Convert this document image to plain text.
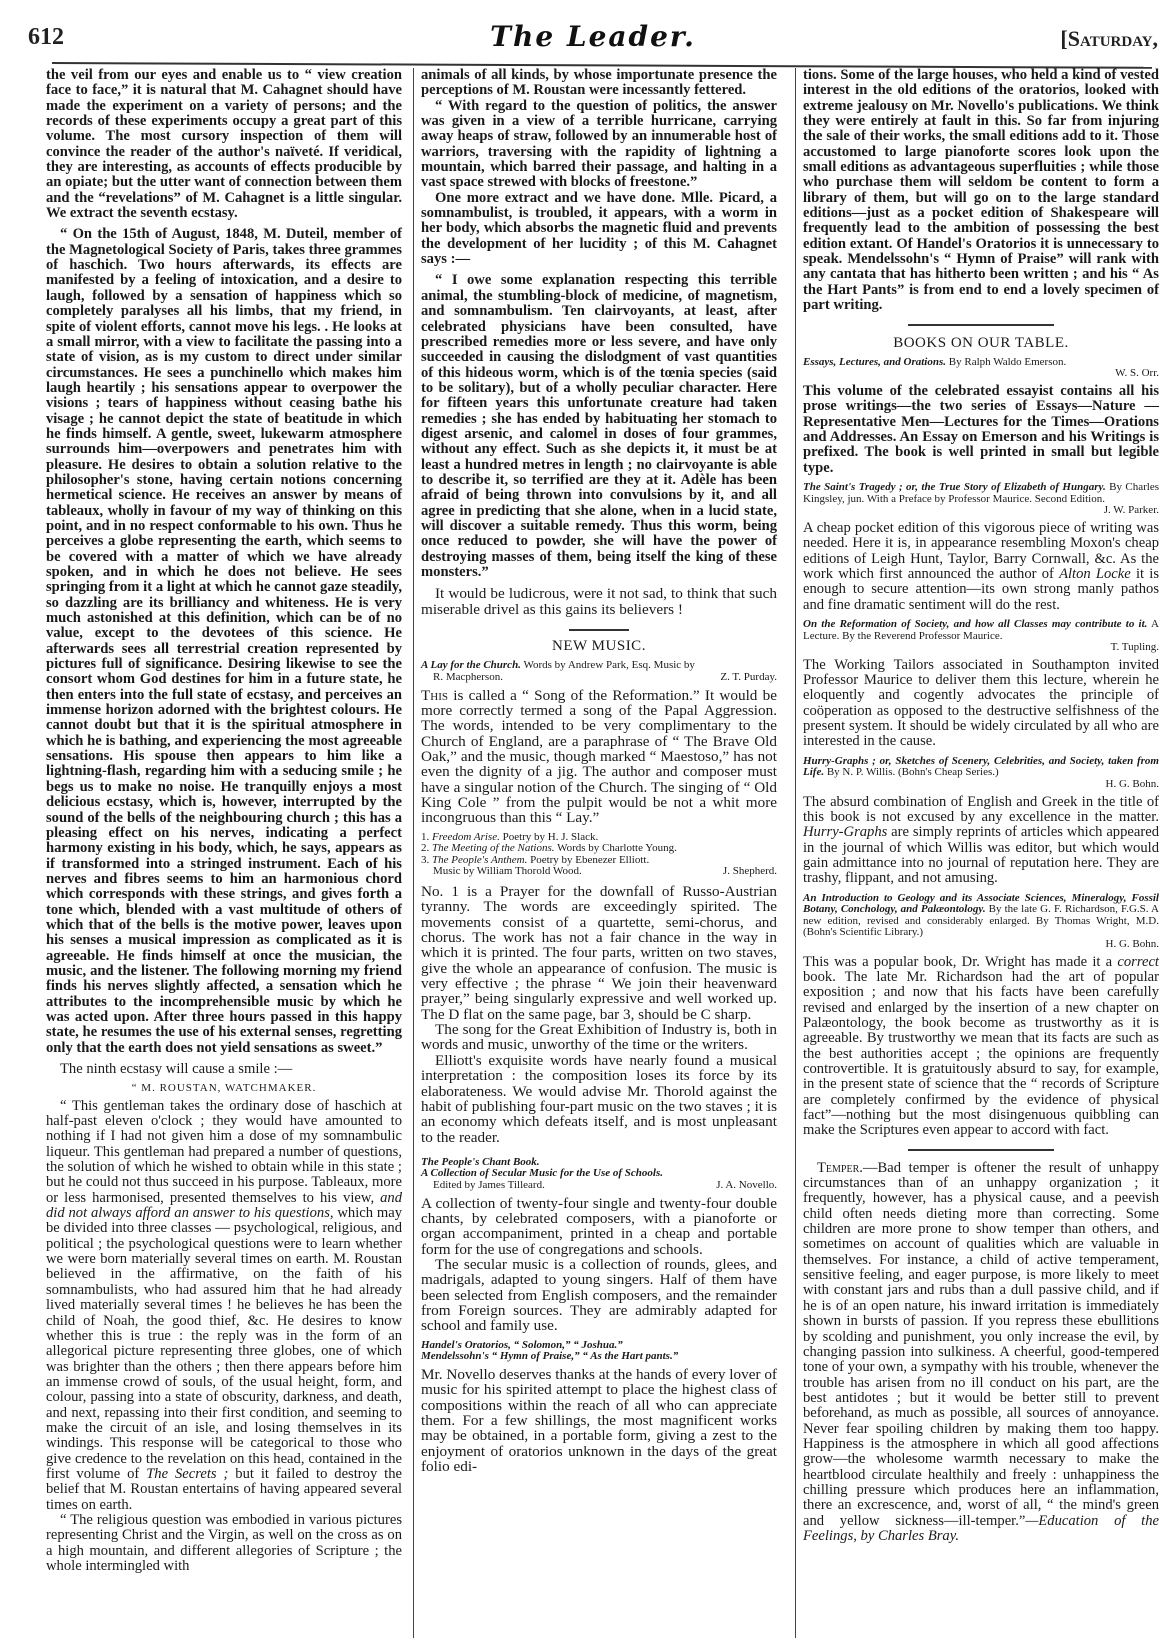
612	The Leader.	[Saturday,

the veil from our eyes and enable us to “ view creation face to face,” it is natural that M. Cahagnet should have made the experiment on a variety of persons; and the records of these experiments occupy a great part of this volume. The most cursory inspection of them will convince the reader of the author's naïveté. If veridical, they are interesting, as accounts of effects producible by an opiate; but the utter want of connection between them and the “revelations” of M. Cahagnet is a little singular. We extract the seventh ecstasy.

“ On the 15th of August, 1848, M. Duteil, member of the Magnetological Society of Paris, takes three grammes of haschich. Two hours afterwards, its effects are manifested by a feeling of intoxication, and a desire to laugh, followed by a sensation of happiness which so completely paralyses all his limbs, that my friend, in spite of violent efforts, cannot move his legs. . He looks at a small mirror, with a view to facilitate the passing into a state of vision, as is my custom to direct under similar circumstances. He sees a punchinello which makes him laugh heartily ; his sensations appear to overpower the visions ; tears of happiness without ceasing bathe his visage ; he cannot depict the state of beatitude in which he finds himself. A gentle, sweet, lukewarm atmosphere surrounds him—overpowers and penetrates him with pleasure. He desires to obtain a solution relative to the philosopher's stone, having certain notions concerning hermetical science. He receives an answer by means of tableaux, wholly in favour of my way of thinking on this point, and in no respect conformable to his own. Thus he perceives a globe representing the earth, which seems to be covered with a matter of which we have already spoken, and in which he does not believe. He sees springing from it a light at which he cannot gaze steadily, so dazzling are its brilliancy and whiteness. He is very much astonished at this definition, which can be of no value, except to the devotees of this science. He afterwards sees all terrestrial creation represented by pictures full of significance. Desiring likewise to see the consort whom God destines for him in a future state, he then enters into the full state of ecstasy, and perceives an immense horizon adorned with the brightest colours. He cannot doubt but that it is the spiritual atmosphere in which he is bathing, and experiencing the most agreeable sensations. His spouse then appears to him like a lightning-flash, regarding him with a seducing smile ; he begs us to make no noise. He tranquilly enjoys a most delicious ecstasy, which is, however, interrupted by the sound of the bells of the neighbouring church ; this has a pleasing effect on his nerves, indicating a perfect harmony existing in his body, which, he says, appears as if transformed into a stringed instrument. Each of his nerves and fibres seems to him an harmonious chord which corresponds with these strings, and gives forth a tone which, blended with a vast multitude of others of which that of the bells is the motive power, leaves upon his senses a musical impression as complicated as it is agreeable. He finds himself at once the musician, the music, and the listener. The following morning my friend finds his nerves slightly affected, a sensation which he attributes to the incomprehensible music by which he was acted upon. After three hours passed in this happy state, he resumes the use of his external senses, regretting only that the earth does not yield sensations as sweet.”

The ninth ecstasy will cause a smile :—

“ M. ROUSTAN, WATCHMAKER.

“ This gentleman takes the ordinary dose of haschich at half-past eleven o'clock ; they would have amounted to nothing if I had not given him a dose of my somnambulic liqueur. This gentleman had prepared a number of questions, the solution of which he wished to obtain while in this state ; but he could not thus succeed in his purpose. Tableaux, more or less harmonised, presented themselves to his view, and did not always afford an answer to his questions, which may be divided into three classes — psychological, religious, and political ; the psychological questions were to learn whether we were born materially several times on earth. M. Roustan believed in the affirmative, on the faith of his somnambulists, who had assured him that he had already lived materially several times ! he believes he has been the child of Noah, the good thief, &c. He desires to know whether this is true : the reply was in the form of an allegorical picture representing three globes, one of which was brighter than the others ; then there appears before him an immense crowd of souls, of the usual height, form, and colour, passing into a state of obscurity, darkness, and death, and next, repassing into their first condition, and seeming to make the circuit of an isle, and losing themselves in its windings. This response will be categorical to those who give credence to the revelation on this head, contained in the first volume of The Secrets ; but it failed to destroy the belief that M. Roustan entertains of having appeared several times on earth.

“ The religious question was embodied in various pictures representing Christ and the Virgin, as well on the cross as on a high mountain, and different allegories of Scripture ; the whole intermingled with

animals of all kinds, by whose importunate presence the perceptions of M. Roustan were incessantly fettered.

“ With regard to the question of politics, the answer was given in a view of a terrible hurricane, carrying away heaps of straw, followed by an innumerable host of warriors, traversing with the rapidity of lightning a mountain, which barred their passage, and halting in a vast space strewed with blocks of freestone.”

One more extract and we have done. Mlle. Picard, a somnambulist, is troubled, it appears, with a worm in her body, which absorbs the magnetic fluid and prevents the development of her lucidity ; of this M. Cahagnet says :—

“ I owe some explanation respecting this terrible animal, the stumbling-block of medicine, of magnetism, and somnambulism. Ten clairvoyants, at least, after celebrated physicians have been consulted, have prescribed remedies more or less severe, and have only succeeded in causing the dislodgment of vast quantities of this hideous worm, which is of the tœnia species (said to be solitary), but of a wholly peculiar character. Here for fifteen years this unfortunate creature had taken remedies ; she has ended by habituating her stomach to digest arsenic, and calomel in doses of four grammes, without any effect. Such as she depicts it, it must be at least a hundred metres in length ; no clairvoyante is able to describe it, so terrified are they at it. Adèle has been afraid of being thrown into convulsions by it, and all agree in predicting that she alone, when in a lucid state, will discover a suitable remedy. Thus this worm, being once reduced to powder, she will have the power of destroying masses of them, being itself the king of these monsters.”

It would be ludicrous, were it not sad, to think that such miserable drivel as this gains its believers !

NEW MUSIC.
A Lay for the Church. Words by Andrew Park, Esq. Music by
R. Macpherson.	Z. T. Purday.

This is called a “ Song of the Reformation.” It would be more correctly termed a song of the Papal Aggression. The words, intended to be very complimentary to the Church of England, are a paraphrase of “ The Brave Old Oak,” and the music, though marked “ Maestoso,” has not even the dignity of a jig. The author and composer must have a singular notion of the Church. The singing of “ Old King Cole ” from the pulpit would be not a whit more incongruous than this “ Lay.”

1. Freedom Arise. Poetry by H. J. Slack.
2. The Meeting of the Nations. Words by Charlotte Young.
3. The People's Anthem. Poetry by Ebenezer Elliott.
Music by William Thorold Wood.	J. Shepherd.

No. 1 is a Prayer for the downfall of Russo-Austrian tyranny. The words are exceedingly spirited. The movements consist of a quartette, semi-chorus, and chorus. The work has not a fair chance in the way in which it is printed. The four parts, written on two staves, give the whole an appearance of confusion. The music is very effective ; the phrase “ We join their heavenward prayer,” being singularly expressive and well worked up. The D flat on the same page, bar 3, should be C sharp.

The song for the Great Exhibition of Industry is, both in words and music, unworthy of the time or the writers.

Elliott's exquisite words have nearly found a musical interpretation : the composition loses its force by its elaborateness. We would advise Mr. Thorold against the habit of publishing four-part music on the two staves ; it is an economy which defeats itself, and is most unpleasant to the reader.

The People's Chant Book.
A Collection of Secular Music for the Use of Schools.
Edited by James Tilleard.	J. A. Novello.

A collection of twenty-four single and twenty-four double chants, by celebrated composers, with a pianoforte or organ accompaniment, printed in a cheap and portable form for the use of congregations and schools.

The secular music is a collection of rounds, glees, and madrigals, adapted to young singers. Half of them have been selected from English composers, and the remainder from Foreign sources. They are admirably adapted for school and family use.

Handel's Oratorios, “ Solomon,” “ Joshua.”
Mendelssohn's “ Hymn of Praise,” “ As the Hart pants.”

Mr. Novello deserves thanks at the hands of every lover of music for his spirited attempt to place the highest class of compositions within the reach of all who can appreciate them. For a few shillings, the most magnificent works may be obtained, in a portable form, giving a zest to the enjoyment of oratorios unknown in the days of the great folio edi-

tions. Some of the large houses, who held a kind of vested interest in the old editions of the oratorios, looked with extreme jealousy on Mr. Novello's publications. We think they were entirely at fault in this. So far from injuring the sale of their works, the small editions add to it. Those accustomed to large pianoforte scores look upon the small editions as advantageous superfluities ; while those who purchase them will seldom be content to form a library of them, but will go on to the large standard editions—just as a pocket edition of Shakespeare will frequently lead to the ambition of possessing the best edition extant. Of Handel's Oratorios it is unnecessary to speak. Mendelssohn's “ Hymn of Praise” will rank with any cantata that has hitherto been written ; and his “ As the Hart Pants” is from end to end a lovely specimen of part writing.

BOOKS ON OUR TABLE.
Essays, Lectures, and Orations. By Ralph Waldo Emerson.
W. S. Orr.

This volume of the celebrated essayist contains all his prose writings—the two series of Essays—Nature —Representative Men—Lectures for the Times—Orations and Addresses. An Essay on Emerson and his Writings is prefixed. The book is well printed in small but legible type.

The Saint's Tragedy ; or, the True Story of Elizabeth of Hungary. By Charles Kingsley, jun. With a Preface by Professor Maurice. Second Edition.
J. W. Parker.

A cheap pocket edition of this vigorous piece of writing was needed. Here it is, in appearance resembling Moxon's cheap editions of Leigh Hunt, Taylor, Barry Cornwall, &c. As the work which first announced the author of Alton Locke it is enough to secure attention—its own strong manly pathos and fine dramatic sentiment will do the rest.

On the Reformation of Society, and how all Classes may contribute to it. A Lecture. By the Reverend Professor Maurice.
T. Tupling.

The Working Tailors associated in Southampton invited Professor Maurice to deliver them this lecture, wherein he eloquently and cogently advocates the principle of coöperation as opposed to the destructive selfishness of the present system. It should be widely circulated by all who are interested in the cause.

Hurry-Graphs ; or, Sketches of Scenery, Celebrities, and Society, taken from Life. By N. P. Willis. (Bohn's Cheap Series.)
H. G. Bohn.

The absurd combination of English and Greek in the title of this book is not excused by any excellence in the matter. Hurry-Graphs are simply reprints of articles which appeared in the journal of which Willis was editor, but which would gain admittance into no journal of reputation here. They are trashy, flippant, and not amusing.

An Introduction to Geology and its Associate Sciences, Mineralogy, Fossil Botany, Conchology, and Palæontology. By the late G. F. Richardson, F.G.S. A new edition, revised and considerably enlarged. By Thomas Wright, M.D. (Bohn's Scientific Library.)
H. G. Bohn.

This was a popular book, Dr. Wright has made it a correct book. The late Mr. Richardson had the art of popular exposition ; and now that his facts have been carefully revised and enlarged by the insertion of a new chapter on Palæontology, the book become as trustworthy as it is agreeable. By trustworthy we mean that its facts are such as the best authorities accept ; the opinions are frequently controvertible. It is gratuitously absurd to say, for example, in the present state of science that the “ records of Scripture are completely confirmed by the evidence of physical fact”—nothing but the most disingenuous quibbling can make the Scriptures even appear to accord with fact.

Temper.—Bad temper is oftener the result of unhappy circumstances than of an unhappy organization ; it frequently, however, has a physical cause, and a peevish child often needs dieting more than correcting. Some children are more prone to show temper than others, and sometimes on account of qualities which are valuable in themselves. For instance, a child of active temperament, sensitive feeling, and eager purpose, is more likely to meet with constant jars and rubs than a dull passive child, and if he is of an open nature, his inward irritation is immediately shown in bursts of passion. If you repress these ebullitions by scolding and punishment, you only increase the evil, by changing passion into sulkiness. A cheerful, good-tempered tone of your own, a sympathy with his trouble, whenever the trouble has arisen from no ill conduct on his part, are the best antidotes ; but it would be better still to prevent beforehand, as much as possible, all sources of annoyance. Never fear spoiling children by making them too happy. Happiness is the atmosphere in which all good affections grow—the wholesome warmth necessary to make the heartblood circulate healthily and freely : unhappiness the chilling pressure which produces here an inflammation, there an excrescence, and, worst of all, “ the mind's green and yellow sickness—ill-temper.”—Education of the Feelings, by Charles Bray.
